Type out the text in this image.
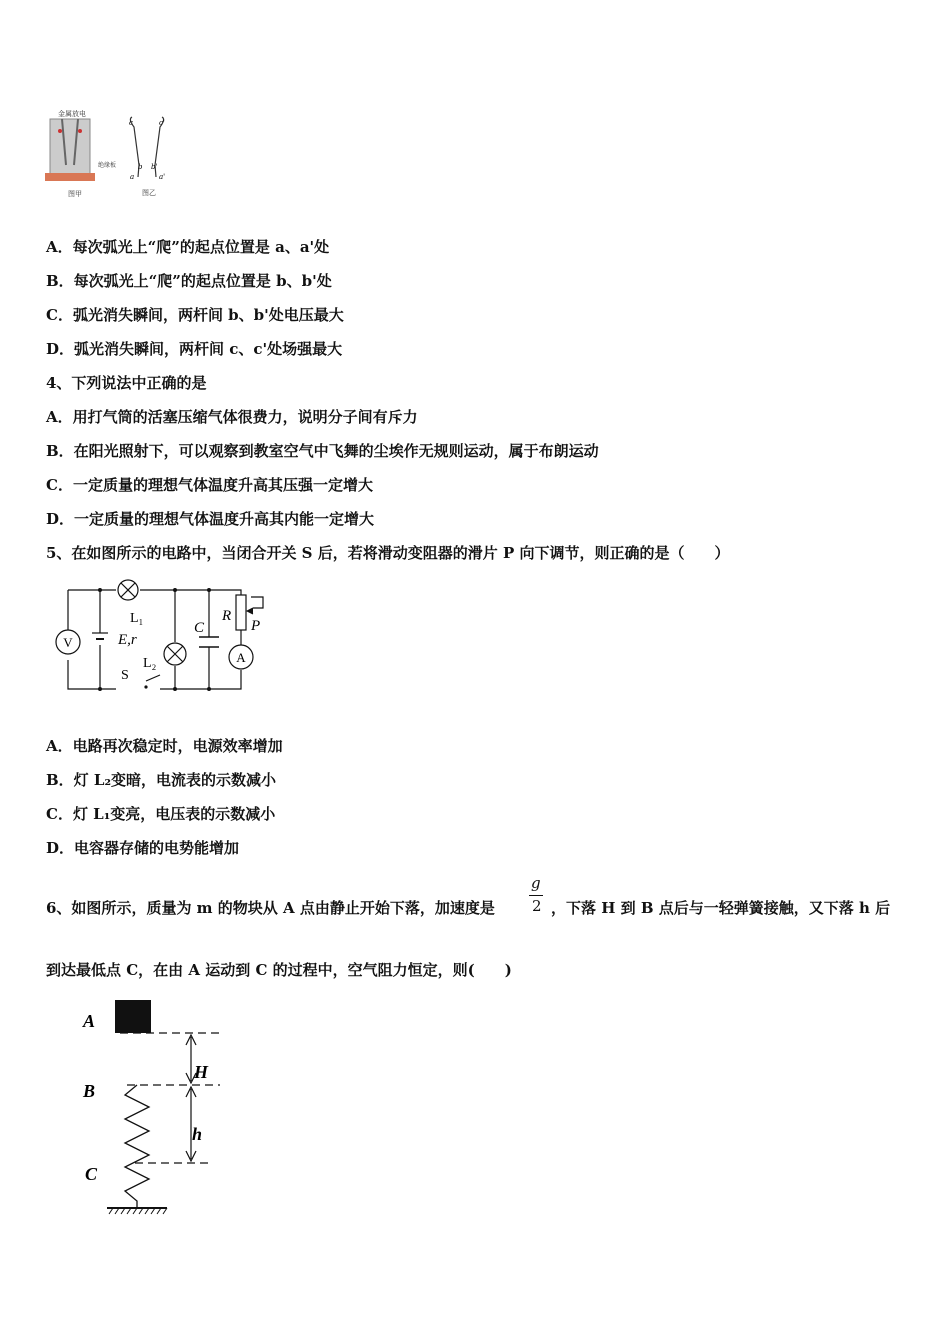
金属放电
绝缘板
图甲
c	c'
b b'
a	a'
图乙
A．每次弧光上“爬”的起点位置是 a、a'处
B．每次弧光上“爬”的起点位置是 b、b'处
C．弧光消失瞬间，两杆间 b、b'处电压最大
D．弧光消失瞬间，两杆间 c、c'处场强最大
4、下列说法中正确的是
A．用打气筒的活塞压缩气体很费力，说明分子间有斥力
B．在阳光照射下，可以观察到教室空气中飞舞的尘埃作无规则运动，属于布朗运动
C．一定质量的理想气体温度升高其压强一定增大
D．一定质量的理想气体温度升高其内能一定增大
5、在如图所示的电路中，当闭合开关 S 后，若将滑动变阻器的滑片 P 向下调节，则正确的是（　　）
V	E,r
L₁
L₂
S
C
R
P
A
A．电路再次稳定时，电源效率增加
B．灯 L₂变暗，电流表的示数减小
C．灯 L₁变亮，电压表的示数减小
D．电容器存储的电势能增加
6、如图所示，质量为 m 的物块从 A 点由静止开始下落，加速度是
g
2 ，下落 H 到 B 点后与一轻弹簧接触，又下落 h 后
到达最低点 C，在由 A 运动到 C 的过程中，空气阻力恒定，则(　　)
A
B
C
H
h
